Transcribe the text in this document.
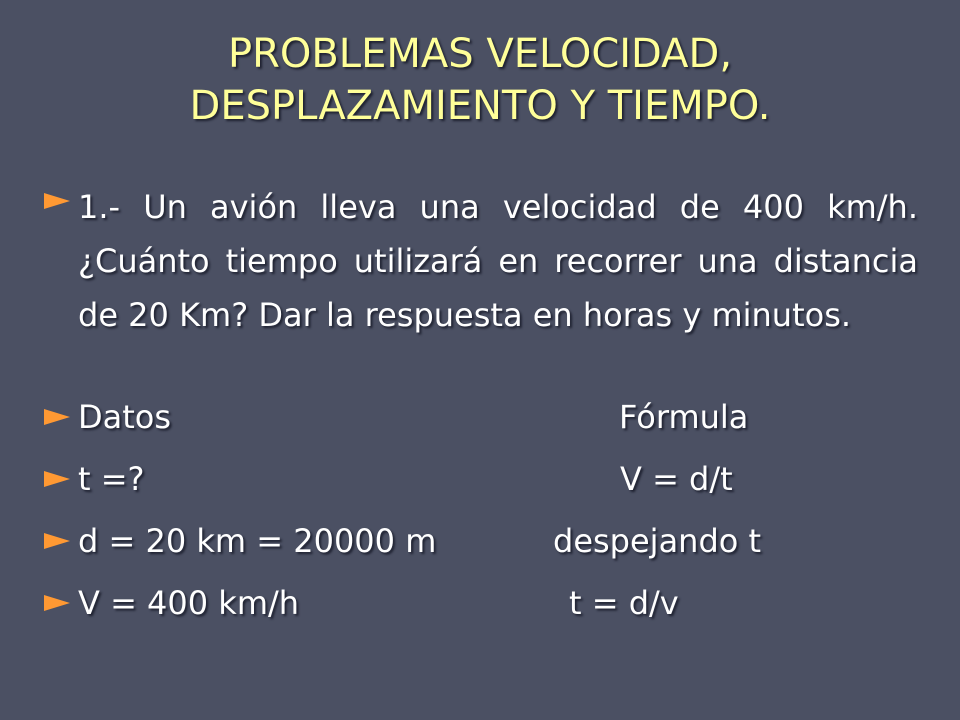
PROBLEMAS VELOCIDAD,
DESPLAZAMIENTO Y TIEMPO.
1.- Un avión lleva una velocidad de 400 km/h. ¿Cuánto tiempo utilizará en recorrer una distancia de 20 Km? Dar la respuesta en horas y minutos.
Datos	Fórmula
t =?	V = d/t
d = 20 km = 20000 m	despejando t
V = 400 km/h	t = d/v
